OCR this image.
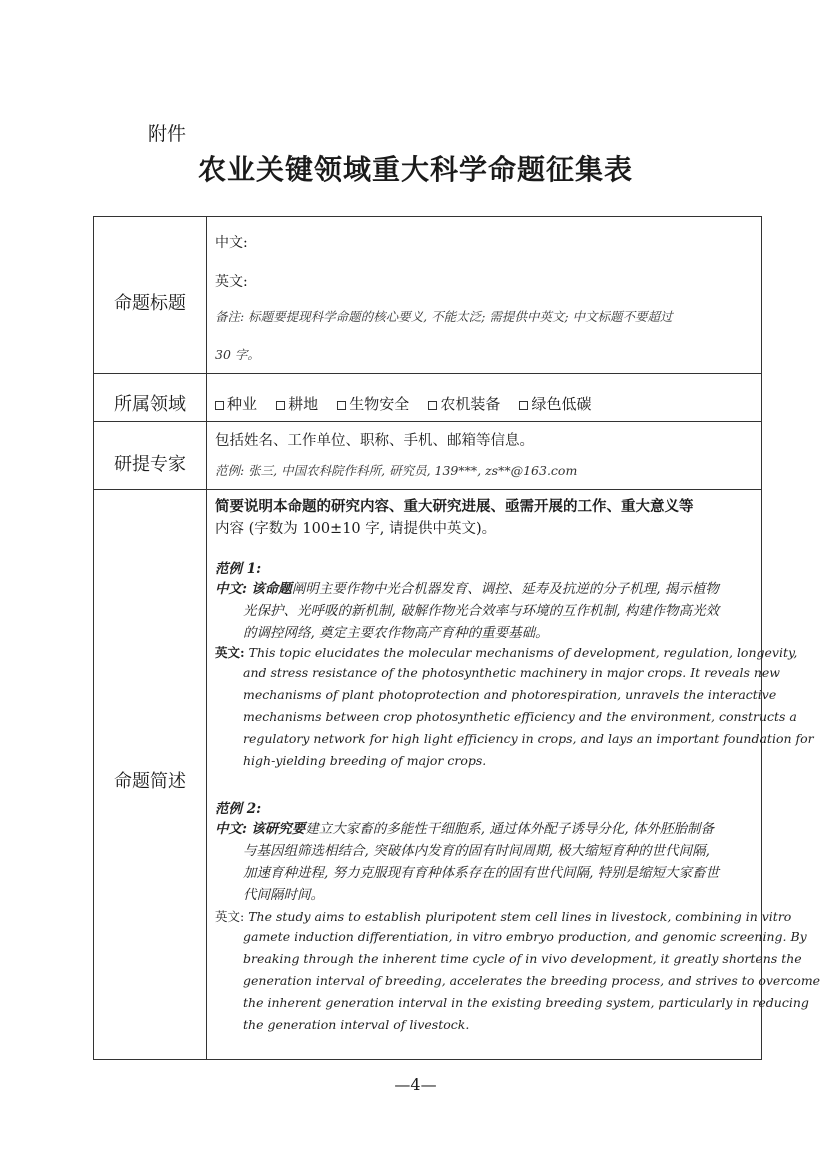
附件
农业关键领域重大科学命题征集表
命题标题
中文:
英文:
备注: 标题要提现科学命题的核心要义, 不能太泛; 需提供中英文; 中文标题不要超过
30 字。
所属领域	种业 耕地 生物安全 农机装备 绿色低碳
研提专家
包括姓名、工作单位、职称、手机、邮箱等信息。
范例: 张三, 中国农科院作科所, 研究员, 139***, zs**@163.com
命题简述
简要说明本命题的研究内容、重大研究进展、亟需开展的工作、重大意义等
内容 (字数为 100±10 字, 请提供中英文)。
范例 1:
中文: 该命题阐明主要作物中光合机器发育、调控、延寿及抗逆的分子机理, 揭示植物
光保护、光呼吸的新机制, 破解作物光合效率与环境的互作机制, 构建作物高光效
的调控网络, 奠定主要农作物高产育种的重要基础。
英文: This topic elucidates the molecular mechanisms of development, regulation, longevity,
and stress resistance of the photosynthetic machinery in major crops. It reveals new
mechanisms of plant photoprotection and photorespiration, unravels the interactive
mechanisms between crop photosynthetic efficiency and the environment, constructs a
regulatory network for high light efficiency in crops, and lays an important foundation for
high-yielding breeding of major crops.
范例 2:
中文: 该研究要建立大家畜的多能性干细胞系, 通过体外配子诱导分化, 体外胚胎制备
与基因组筛选相结合, 突破体内发育的固有时间周期, 极大缩短育种的世代间隔,
加速育种进程, 努力克服现有育种体系存在的固有世代间隔, 特别是缩短大家畜世
代间隔时间。
英文: The study aims to establish pluripotent stem cell lines in livestock, combining in vitro
gamete induction differentiation, in vitro embryo production, and genomic screening. By
breaking through the inherent time cycle of in vivo development, it greatly shortens the
generation interval of breeding, accelerates the breeding process, and strives to overcome
the inherent generation interval in the existing breeding system, particularly in reducing
the generation interval of livestock.
—4—
